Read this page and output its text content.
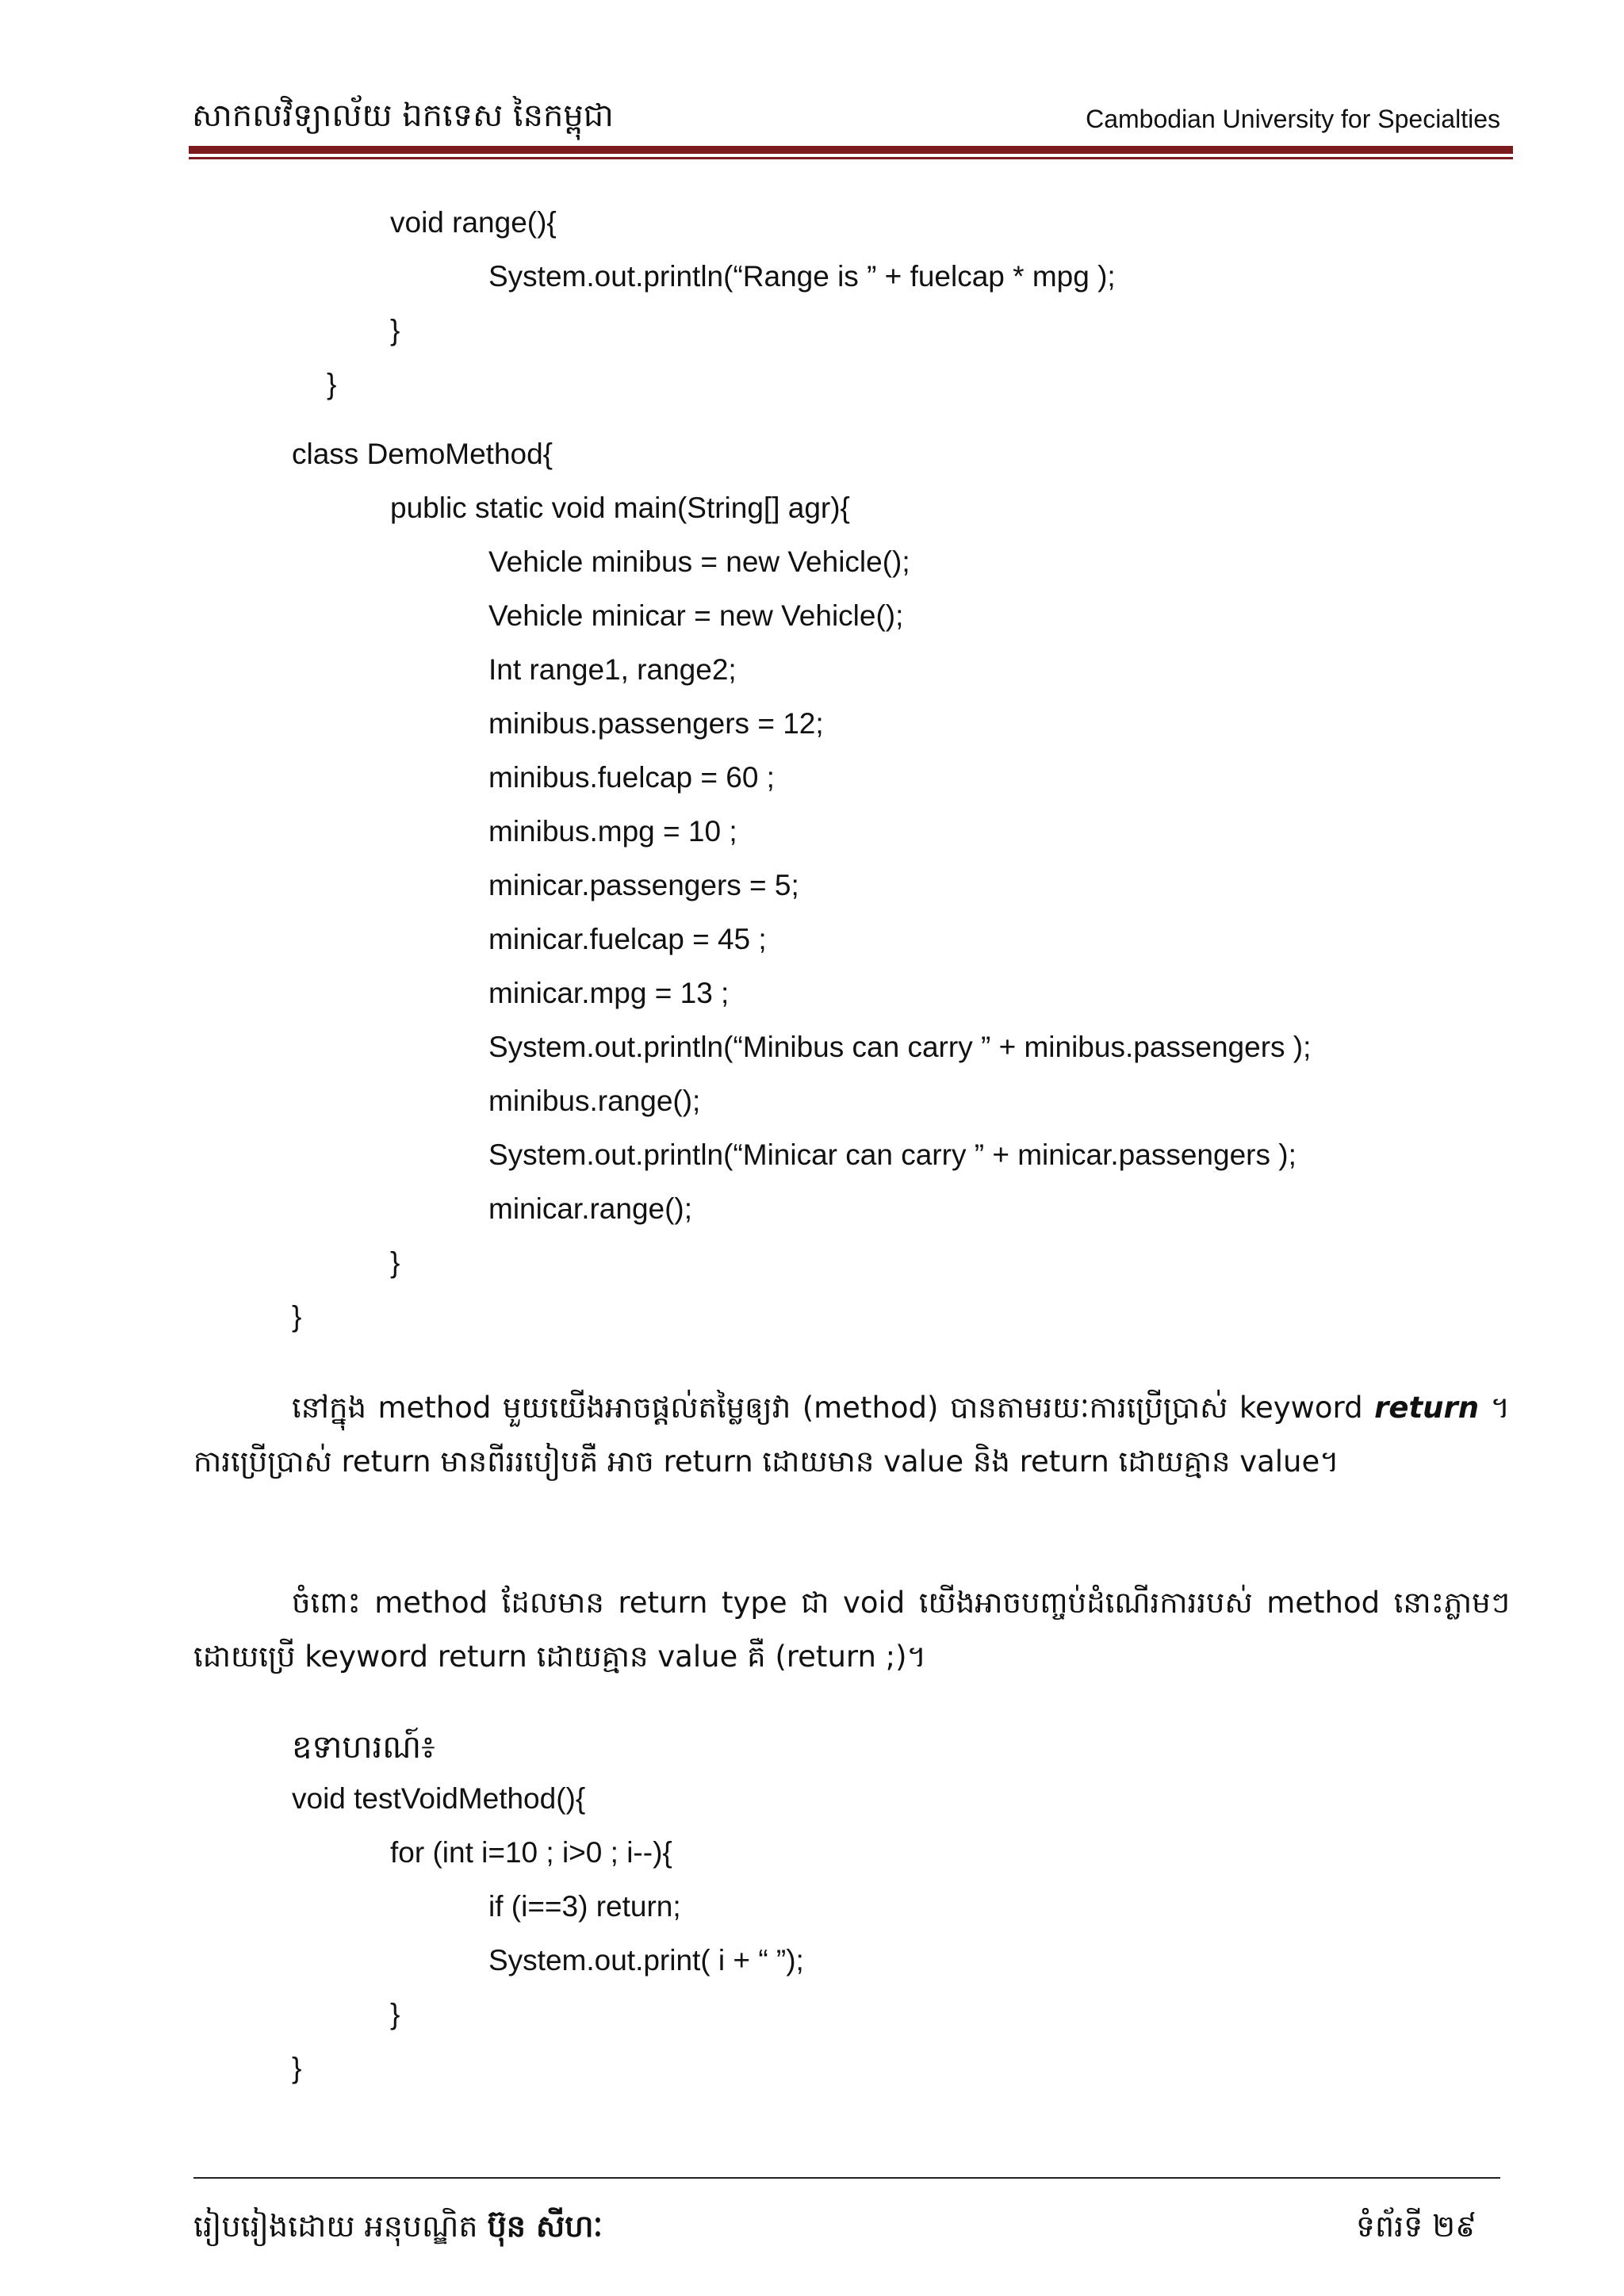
សាកលវិទ្យាល័យ ឯកទេស នៃកម្ពុជា	Cambodian University for Specialties
void range(){
System.out.println(“Range is ” + fuelcap * mpg );
}
}
class DemoMethod{
public static void main(String[] agr){
Vehicle minibus = new Vehicle();
Vehicle minicar = new Vehicle();
Int range1, range2;
minibus.passengers = 12;
minibus.fuelcap = 60 ;
minibus.mpg = 10 ;
minicar.passengers = 5;
minicar.fuelcap = 45 ;
minicar.mpg = 13 ;
System.out.println(“Minibus can carry ” + minibus.passengers );
minibus.range();
System.out.println(“Minicar can carry ” + minicar.passengers );
minicar.range();
}
}
នៅក្នុង method មួយយើងអាចផ្តល់តម្លៃឲ្យវា (method) បានតាមរយៈការប្រើប្រាស់ keyword return ។ ការប្រើប្រាស់ return មានពីររបៀបគឺ អាច return ដោយមាន value និង return ដោយគ្មាន value។
ចំពោះ method ដែលមាន return type ជា void យើងអាចបញ្ចប់ដំណើរការរបស់ method នោះភ្លាមៗដោយប្រើ keyword return ដោយគ្មាន value គឺ (return ;)។
ឧទាហរណ៍៖
void testVoidMethod(){
for (int i=10 ; i>0 ; i--){
if (i==3) return;
System.out.print( i + “ ”);
}
}
រៀបរៀងដោយ អនុបណ្ឌិត ប៊ុន សីហៈ	ទំព័រទី ២៩
